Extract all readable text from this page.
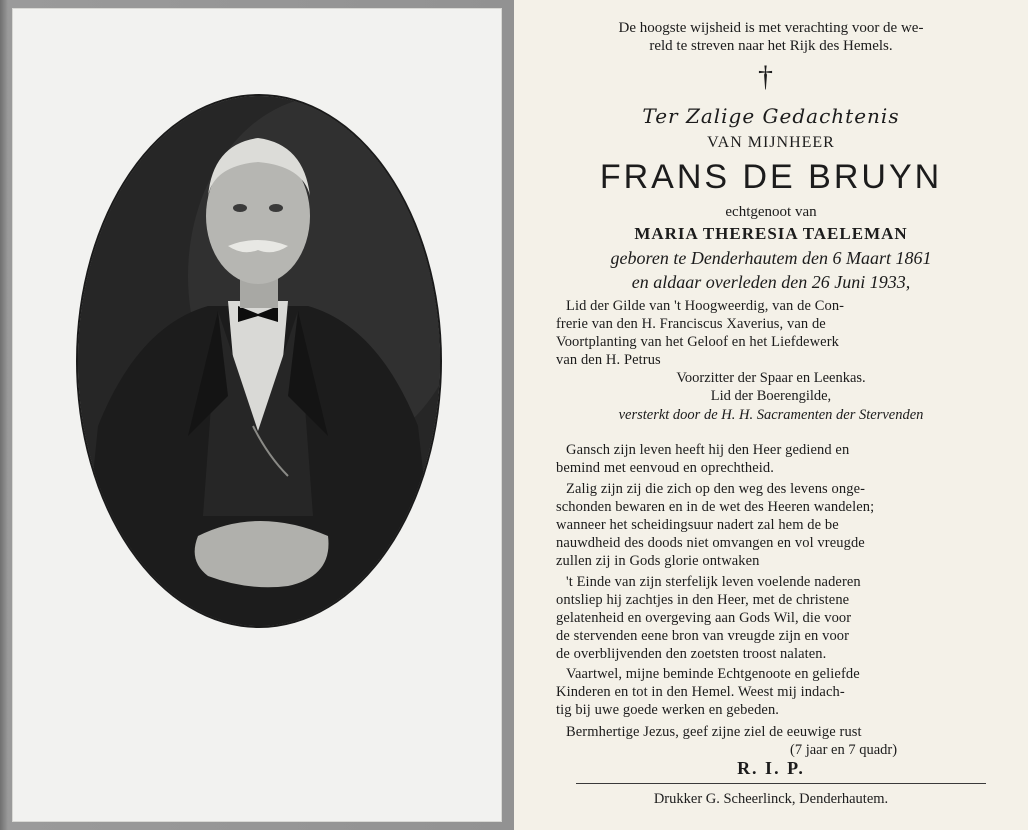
De hoogste wijsheid is met verachting voor de we-
reld te streven naar het Rijk des Hemels.
†
Ter Zalige Gedachtenis
VAN MIJNHEER
FRANS DE BRUYN
echtgenoot van
MARIA THERESIA TAELEMAN
geboren te Denderhautem den 6 Maart 1861
en aldaar overleden den 26 Juni 1933,
Lid der Gilde van 't Hoogweerdig, van de Con-
frerie van den H. Franciscus Xaverius, van de
Voortplanting van het Geloof en het Liefdewerk
van den H. Petrus
Voorzitter der Spaar en Leenkas.
Lid der Boerengilde,
versterkt door de H. H. Sacramenten der Stervenden
Gansch zijn leven heeft hij den Heer gediend en
bemind met eenvoud en oprechtheid.
Zalig zijn zij die zich op den weg des levens onge-
schonden bewaren en in de wet des Heeren wandelen;
wanneer het scheidingsuur nadert zal hem de be
nauwdheid des doods niet omvangen en vol vreugde
zullen zij in Gods glorie ontwaken
't Einde van zijn sterfelijk leven voelende naderen
ontsliep hij zachtjes in den Heer, met de christene
gelatenheid en overgeving aan Gods Wil, die voor
de stervenden eene bron van vreugde zijn en voor
de overblijvenden den zoetsten troost nalaten.
Vaartwel, mijne beminde Echtgenoote en geliefde
Kinderen en tot in den Hemel. Weest mij indach-
tig bij uwe goede werken en gebeden.
Bermhertige Jezus, geef zijne ziel de eeuwige rust
(7 jaar en 7 quadr)
R. I. P.
Drukker G. Scheerlinck, Denderhautem.
